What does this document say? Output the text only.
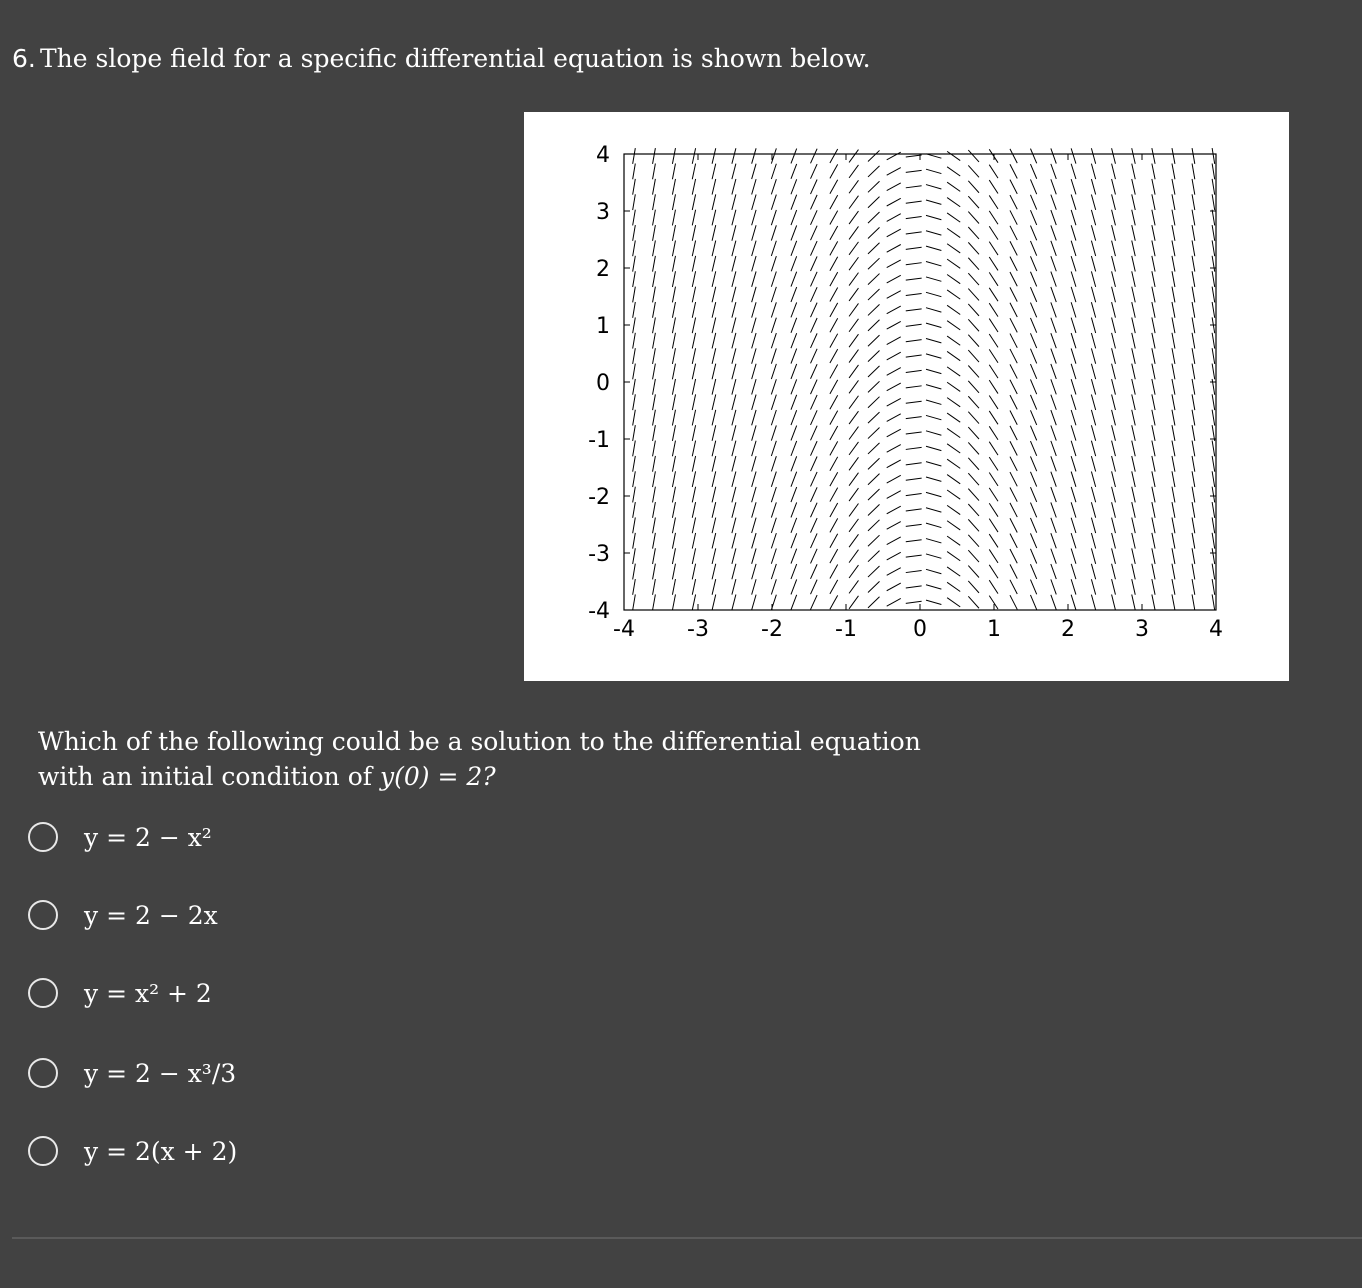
6. The slope field for a specific differential equation is shown below.
-4 -3 -2 -1	0	1	2	3	4
4
3
2
1
0
-1
-2
-3
-4
Which of the following could be a solution to the differential equation
with an initial condition of y(0) = 2?
y = 2 − x²
y = 2 − 2x
y = x² + 2
y = 2 − x³/3
y = 2(x + 2)
